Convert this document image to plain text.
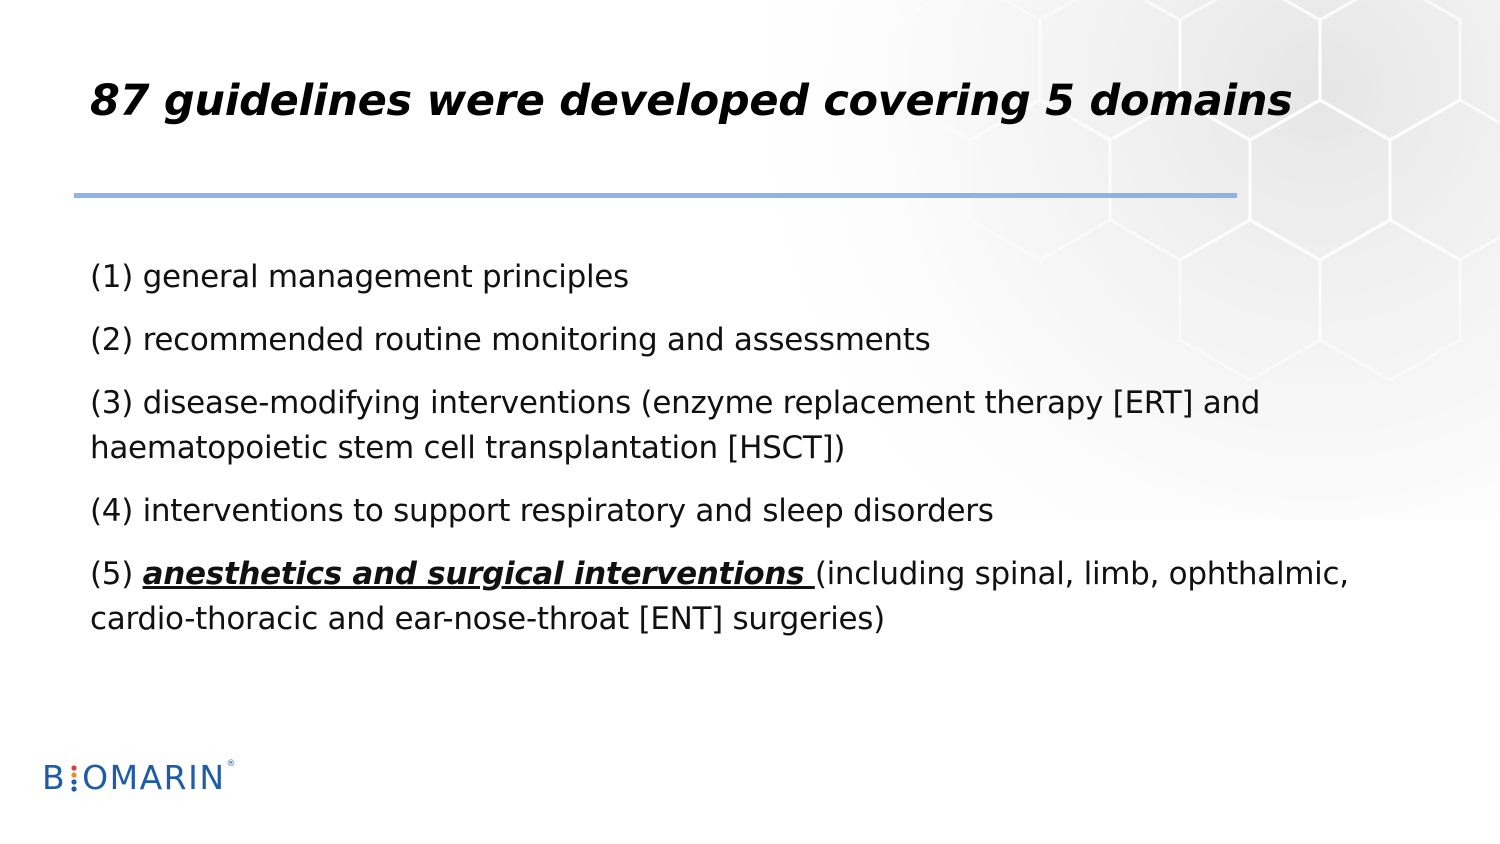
87 guidelines were developed covering 5 domains

(1) general management principles

(2) recommended routine monitoring and assessments

(3) disease-modifying interventions (enzyme replacement therapy [ERT] and haematopoietic stem cell transplantation [HSCT])

(4) interventions to support respiratory and sleep disorders

(5) anesthetics and surgical interventions (including spinal, limb, ophthalmic, cardio-thoracic and ear-nose-throat [ENT] surgeries)

B OMARIN ®
